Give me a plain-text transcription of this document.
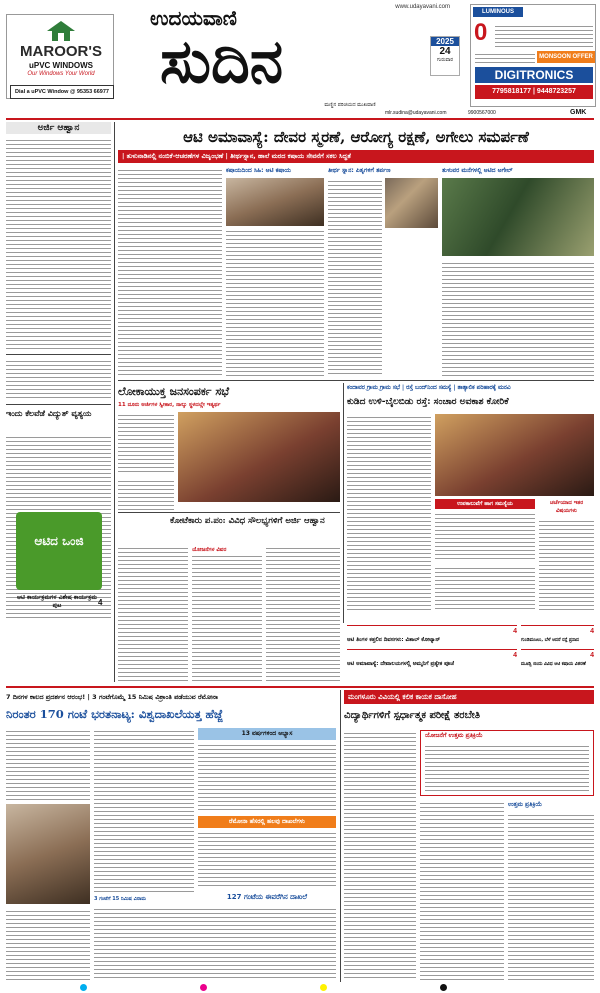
MAROOR'S
uPVC WINDOWS
Our Windows Your World
Dial a uPVC Window @ 95353 66977
www.udayavani.com
ಉದಯವಾಣಿ
ಸುದಿನ	2025
24
ಗುರುವಾರ
ಮಣ್ಣಿನ ಪರಿಚಯದ ಮುಖವಾಣಿ
mlr.sudina@udayavani.com	9900567000	GMK
LUMINOUS
0
MONSOON OFFER
DIGITRONICS
7795818177 | 9448723257
ಅರ್ಜಿ ಆಹ್ವಾನ
ಇಂದು ಕೆಲವೆಡೆ ವಿದ್ಯುತ್ ವ್ಯತ್ಯಯ
ಆಟಿದ ಒಂಜಿ
ಆಟಿ ಕಾರ್ಯಕ್ರಮಗಳ ವಿಶೇಷ ಕಾರ್ಯಕ್ರಮ ಪುಟ	4
ಆಟಿ ಅಮಾವಾಸ್ಯೆ: ದೇವರ ಸ್ಮರಣೆ, ಆರೋಗ್ಯ ರಕ್ಷಣೆ, ಅಗೇಲು ಸಮರ್ಪಣೆ
| ತುಳುನಾಡಿನಲ್ಲಿ ನಂಬಿಕೆ-ಆಚರಣೆಗಳ ವಿಜೃಂಭಣೆ | ತೀರ್ಥಸ್ನಾನ, ಹಾಲೆ ಮರದ ಕಷಾಯ ಸೇವನೆಗೆ ಸಕಲ ಸಿದ್ಧತೆ
ಕಷಾಯದಿಂದ ಸಿಹಿ: ಆಟಿ ಕಷಾಯ	ತೀರ್ಥ ಸ್ನಾನ: ಪಿತೃಗಳಿಗೆ ತರ್ಪಣ	ತುಳುವರ ಮನೆಗಳಲ್ಲಿ ಆಟಿದ ಅಗೇಲ್
ಲೋಕಾಯುಕ್ತ ಜನಸಂಪರ್ಕ ಸಭೆ
11 ದೂರು ಅರ್ಜಿಗಳ ಸ್ವೀಕಾರ, ನಾಲ್ಕು ಸ್ಥಳದಲ್ಲೇ ಇತ್ಯರ್ಥ
ಕೋಟೆಕಾರು ಪ.ಪಂ: ವಿವಿಧ ಸೌಲಭ್ಯಗಳಿಗೆ ಅರ್ಜಿ ಆಹ್ವಾನ
ಯೋಜನೆಗಳ ವಿವರ
ಕಂದಾವರ ಗ್ರಾಮ ಗ್ರಾಮ ಸಭೆ | ರಸ್ತೆ ಬಂದ್‌ನಿಂದ ಸಮಸ್ಯೆ | ತಾತ್ಕಾಲಿಕ ಪರಿಹಾರಕ್ಕೆ ಮನವಿ
ಕುಡಿದ ಉಳಿ-ಬೈಲಬಿಡು ರಸ್ತೆ: ಸಂಚಾರ ಅವಕಾಶ ಕೋರಿಕೆ
ಉಪಕಾಲುವೆಗೆ ಹಾಗ ಸಮಸ್ಯೆಯ	ಚರ್ಚೆಯಾದ ಇತರ ವಿಷಯಗಳು
ಆಟಿ ತಿಂಗಳ ಕತ್ತಲಿನ ದಿವಸಗಳು: ವಿಶಾಲ್ ಕೋಟ್ಯಾನ್
4
ಗುಂಡಿಮಜಲು, ಬೆಳೆ ಆದರೆ ರಸ್ತೆ ಪ್ರಸಾದ
4
ಆಟಿ ಅಮಾವಾಸ್ಯೆ: ದೇವಾಲಯಗಳಲ್ಲಿ ಅಮ್ಮನಿಗೆ ಪ್ರತ್ಯೇಕ ಪೂಜೆ
4
ಮೂಡ್ಬಿ ಬಿಂದು ವಿವಿಧ ಆಟಿ ಕಷಾಯ ವಿತರಣೆ
4
7 ದಿನಗಳ ಕಾಲದ ಪ್ರದರ್ಶನ ಆರಂಭ! | 3 ಗಂಟೆಗೊಮ್ಮೆ 15 ನಿಮಿಷ ವಿಶ್ರಾಂತಿ ಪಡೆಯುವ ರೆಮೋನಾ
ನಿರಂತರ 170 ಗಂಟೆ ಭರತನಾಟ್ಯ: ವಿಶ್ವದಾಖಲೆಯತ್ತ ಹೆಜ್ಜೆ
3 ಗಂಟೆಗೆ 15 ನಿಮಿಷ ವಿರಾಮ
13 ವರ್ಷಗಳಿಂದ ಅಭ್ಯಾಸ
ರೆಮೋನಾ ಹೆಸರಲ್ಲಿ ಹಲವು ದಾಖಲೆಗಳು
127 ಗಂಟೆಯ ಈವರೆಗಿನ ದಾಖಲೆ
ಮಂಗಳೂರು ವಿವಿಯಲ್ಲಿ ಕಲಿಕ ಕಾಯಕ ದಾಸೋಹ
ವಿದ್ಯಾರ್ಥಿಗಳಿಗೆ ಸ್ಪರ್ಧಾತ್ಮಕ ಪರೀಕ್ಷೆ ತರಬೇತಿ
ಯೋಜನೆಗೆ ಉತ್ತಮ ಪ್ರತಿಕ್ರಿಯೆ
ಉತ್ತಮ ಪ್ರತಿಕ್ರಿಯೆ
